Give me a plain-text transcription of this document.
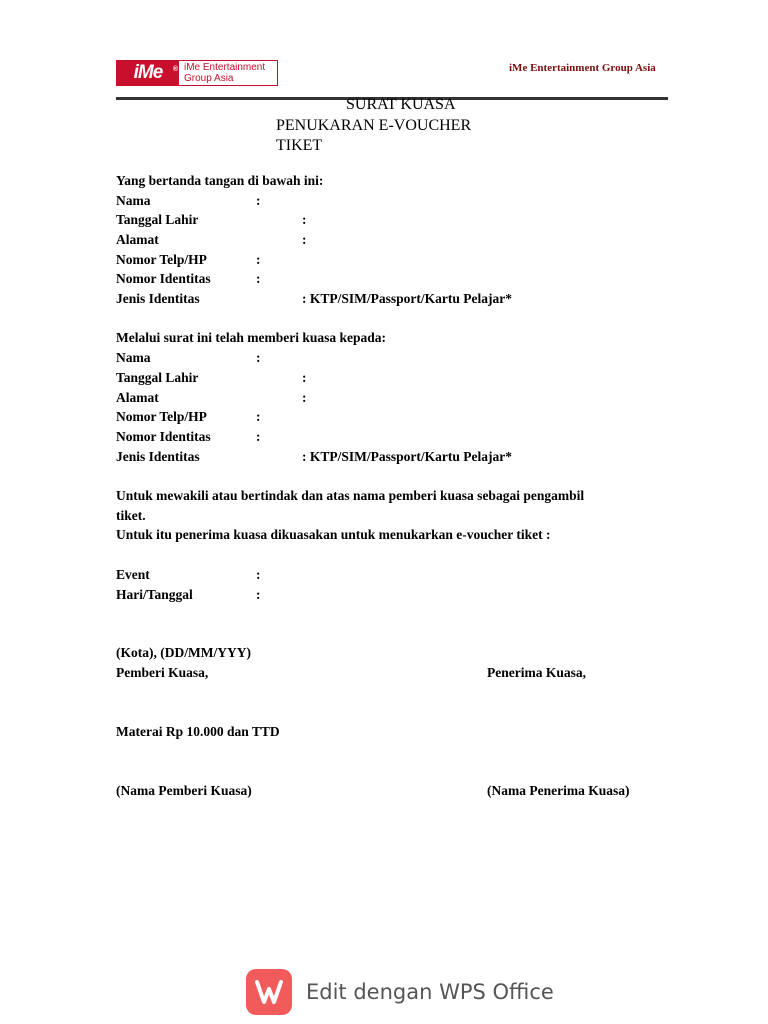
iMe ® iMe Entertainment
Group Asia
iMe Entertainment Group Asia
SURAT KUASA
PENUKARAN E-VOUCHER
TIKET
Yang bertanda tangan di bawah ini:
Nama	:
Tanggal Lahir	:
Alamat	:
Nomor Telp/HP	:
Nomor Identitas	:
Jenis Identitas	: KTP/SIM/Passport/Kartu Pelajar*
Melalui surat ini telah memberi kuasa kepada:
Nama	:
Tanggal Lahir	:
Alamat	:
Nomor Telp/HP	:
Nomor Identitas	:
Jenis Identitas	: KTP/SIM/Passport/Kartu Pelajar*
Untuk mewakili atau bertindak dan atas nama pemberi kuasa sebagai pengambil
tiket.
Untuk itu penerima kuasa dikuasakan untuk menukarkan e-voucher tiket :
Event	:
Hari/Tanggal	:
(Kota), (DD/MM/YYY)
Pemberi Kuasa,	Penerima Kuasa,
Materai Rp 10.000 dan TTD
(Nama Pemberi Kuasa)	(Nama Penerima Kuasa)
Edit dengan WPS Office
